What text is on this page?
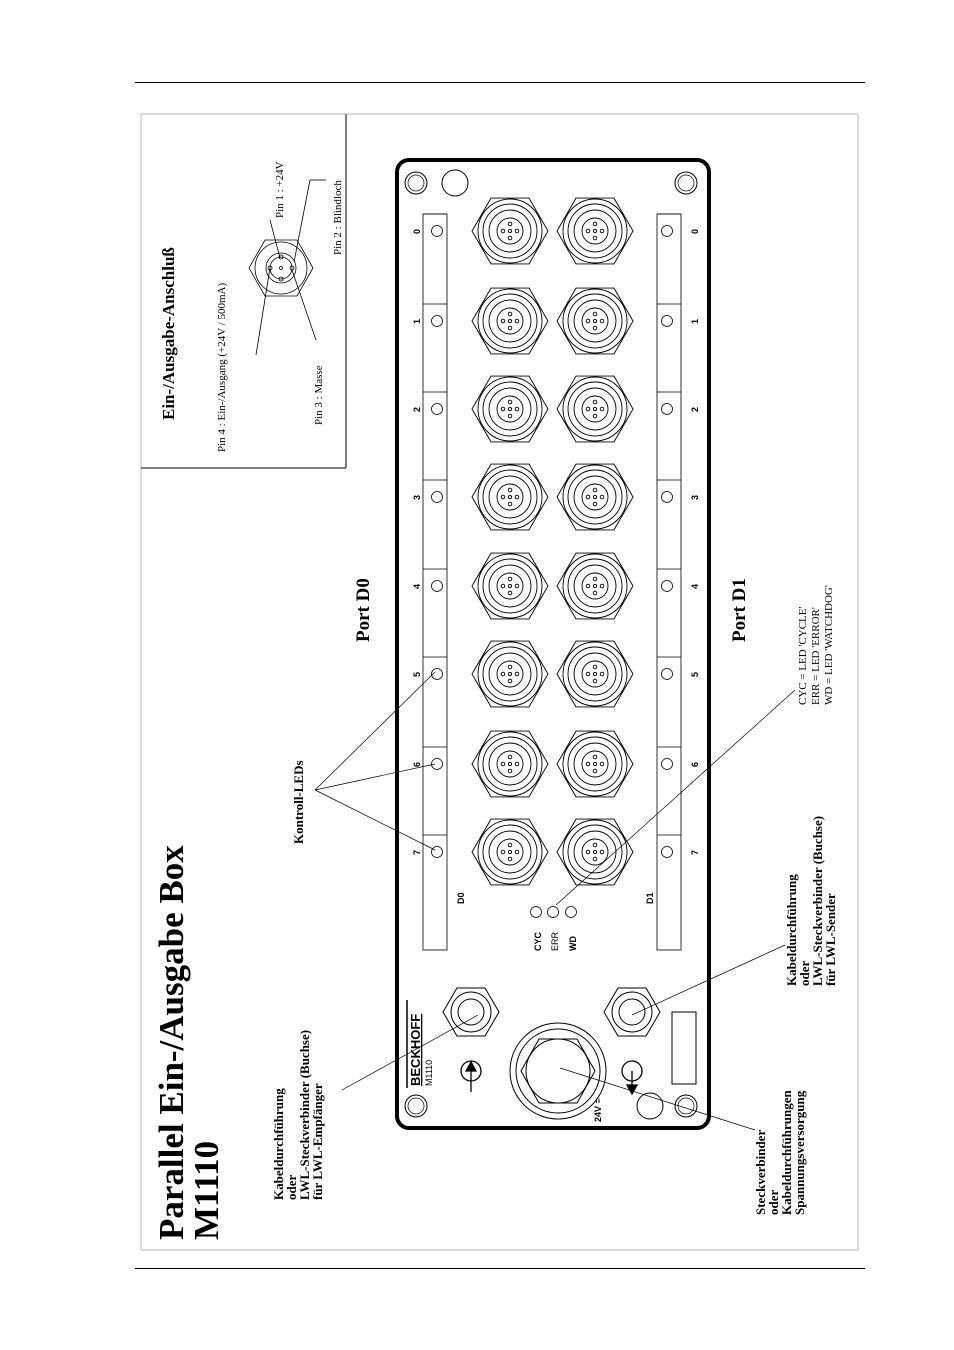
Parallel Ein-/Ausgabe Box
M1110
Ein-/Ausgabe-Anschluß	Pin 4 : Ein-/Ausgang (+24V / 500mA)	Pin 3 : Masse
Pin 1 : +24V	Pin 2 : Blindloch
Port D0	Port D1
0
1
2
3
4
5
6
7
0
1
2
3
4
5
6
7
D0	D1
CYC ERR WD
BECKHOFF M1110
24V =
CYC = LED 'CYCLE' ERR = LED 'ERROR' WD = LED 'WATCHDOG'
Kontroll-LEDs
Kabeldurchführung
oder
LWL-Steckverbinder (Buchse)
für LWL-Empfänger
Kabeldurchführung
oder
LWL-Steckverbinder (Buchse)
für LWL-Sender
Steckverbinder
oder
Kabeldurchführungen
Spannungsversorgung
